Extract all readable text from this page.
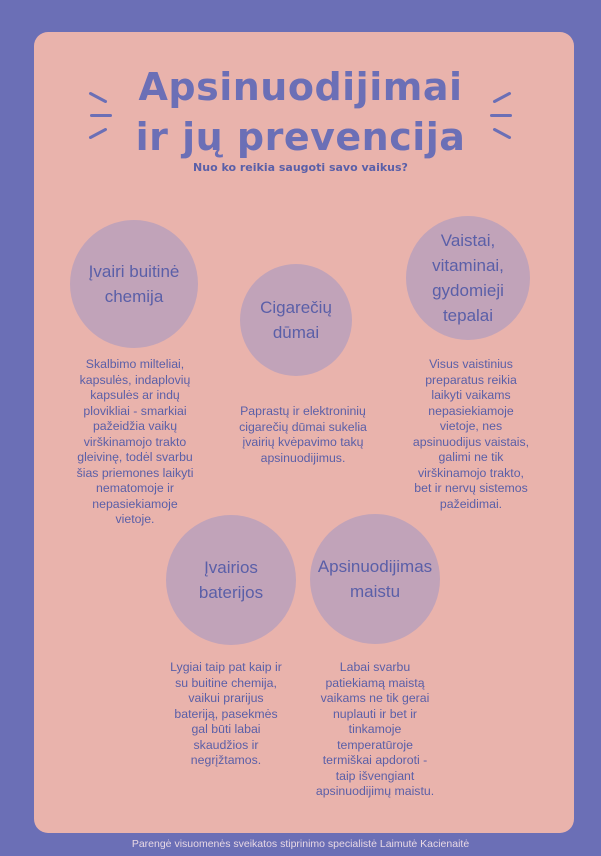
Apsinuodijimai
ir jų prevencija
Nuo ko reikia saugoti savo vaikus?
Įvairi buitinė chemija
Cigarečių dūmai
Vaistai, vitaminai, gydomieji tepalai
Įvairios baterijos
Apsinuodijimas maistu
Skalbimo milteliai, kapsulės, indaplovių kapsulės ar indų plovikliai - smarkiai pažeidžia vaikų virškinamojo trakto gleivinę, todėl svarbu šias priemones laikyti nematomoje ir nepasiekiamoje vietoje.
Paprastų ir elektroninių cigarečių dūmai sukelia įvairių kvėpavimo takų apsinuodijimus.
Visus vaistinius preparatus reikia laikyti vaikams nepasiekiamoje vietoje, nes apsinuodijus vaistais, galimi ne tik virškinamojo trakto, bet ir nervų sistemos pažeidimai.
Lygiai taip pat kaip ir su buitine chemija, vaikui prarijus bateriją, pasekmės gal būti labai skaudžios ir negrįžtamos.
Labai svarbu patiekiamą maistą vaikams ne tik gerai nuplauti ir bet ir tinkamoje temperatūroje termiškai apdoroti - taip išvengiant apsinuodijimų maistu.
Parengė visuomenės sveikatos stiprinimo specialistė Laimutė Kacienaitė
